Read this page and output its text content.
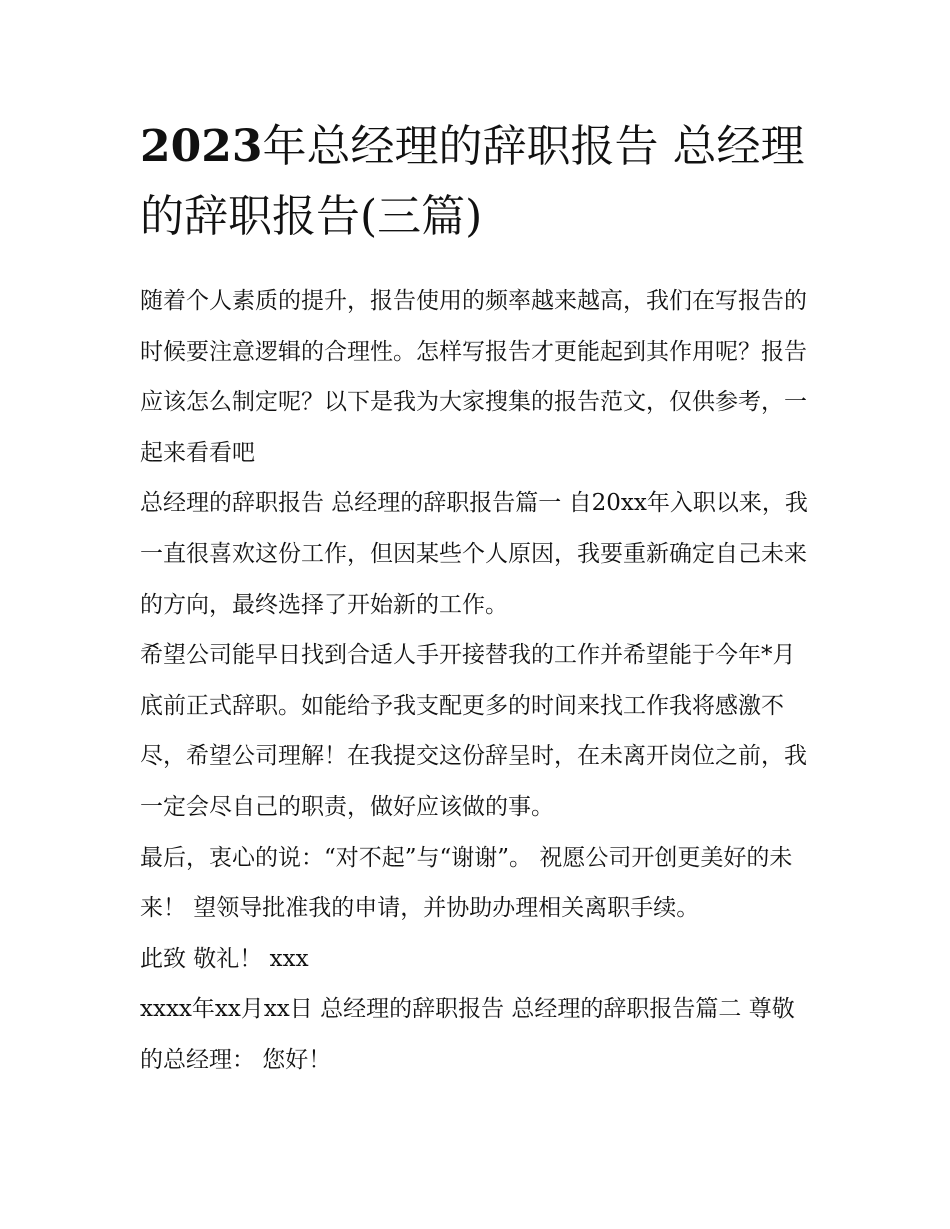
2023年总经理的辞职报告 总经理的辞职报告(三篇)

随着个人素质的提升，报告使用的频率越来越高，我们在写报告的时候要注意逻辑的合理性。怎样写报告才更能起到其作用呢？报告应该怎么制定呢？以下是我为大家搜集的报告范文，仅供参考，一起来看看吧

总经理的辞职报告 总经理的辞职报告篇一 自20xx年入职以来，我一直很喜欢这份工作，但因某些个人原因，我要重新确定自己未来的方向，最终选择了开始新的工作。

希望公司能早日找到合适人手开接替我的工作并希望能于今年*月底前正式辞职。如能给予我支配更多的时间来找工作我将感激不尽，希望公司理解！在我提交这份辞呈时，在未离开岗位之前，我一定会尽自己的职责，做好应该做的事。

最后，衷心的说：“对不起”与“谢谢”。 祝愿公司开创更美好的未来！ 望领导批准我的申请，并协助办理相关离职手续。

此致 敬礼！ xxx

xxxx年xx月xx日 总经理的辞职报告 总经理的辞职报告篇二 尊敬的总经理： 您好！
